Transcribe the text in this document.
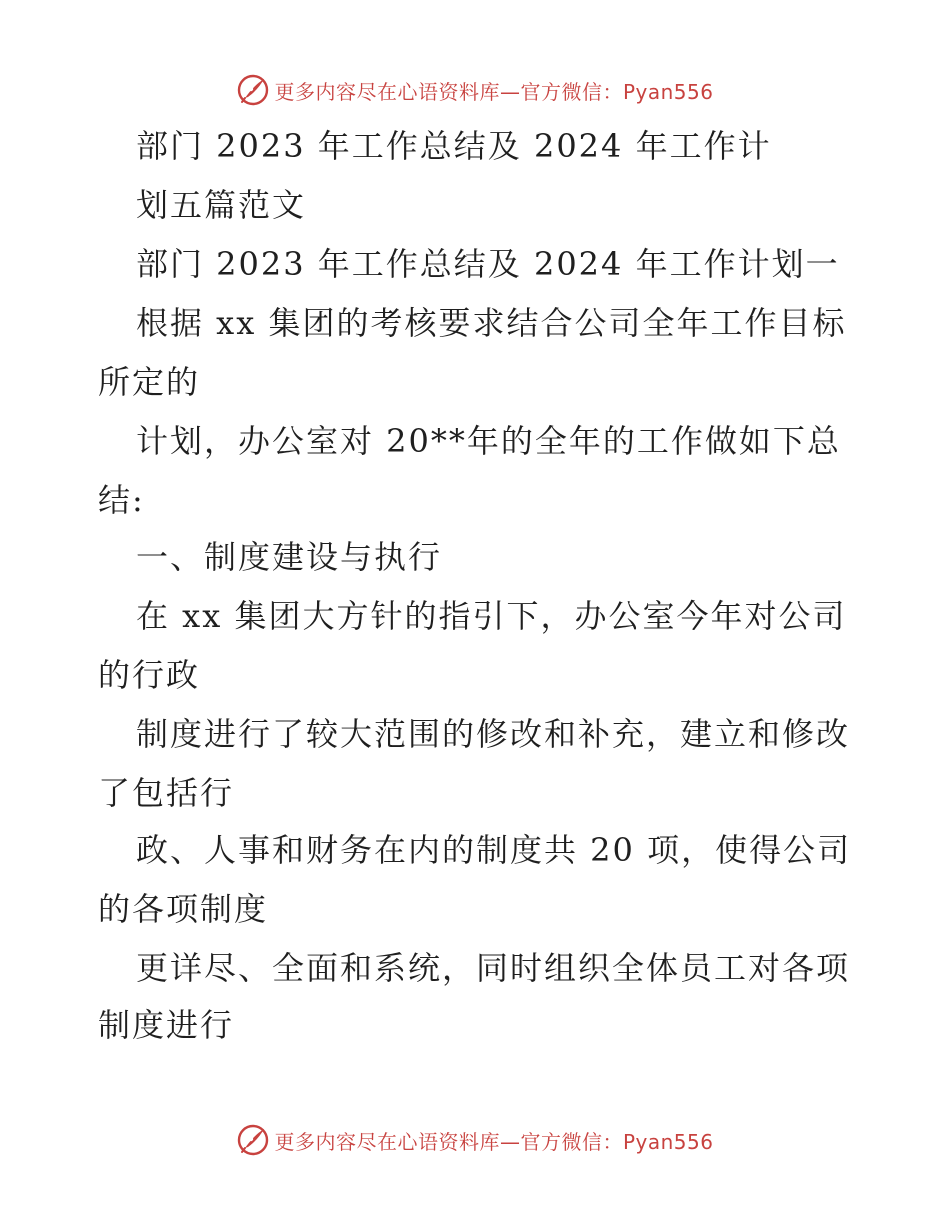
更多内容尽在心语资料库—官方微信：Pyan556
部门 2023 年工作总结及 2024 年工作计
划五篇范文
部门 2023 年工作总结及 2024 年工作计划一
根据 xx 集团的考核要求结合公司全年工作目标
所定的
计划，办公室对 20**年的全年的工作做如下总
结:
一、制度建设与执行
在 xx 集团大方针的指引下，办公室今年对公司
的行政
制度进行了较大范围的修改和补充，建立和修改
了包括行
政、人事和财务在内的制度共 20 项，使得公司
的各项制度
更详尽、全面和系统，同时组织全体员工对各项
制度进行
更多内容尽在心语资料库—官方微信：Pyan556
